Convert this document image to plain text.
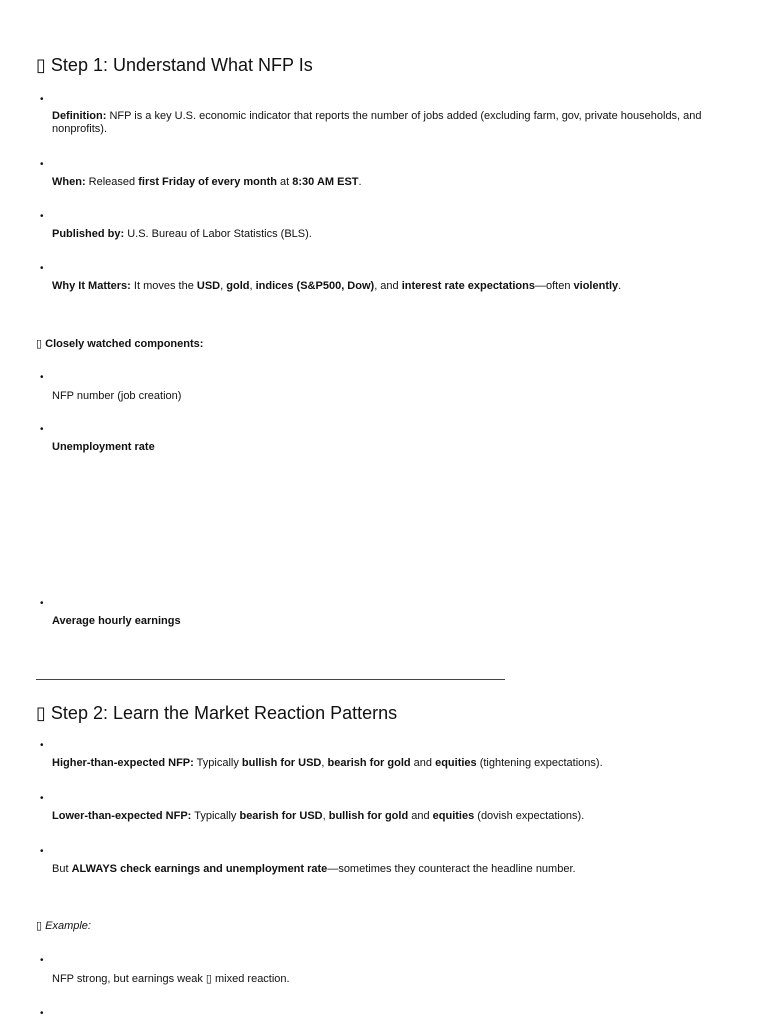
▯ Step 1: Understand What NFP Is
•
Definition: NFP is a key U.S. economic indicator that reports the number of jobs added (excluding farm, gov, private households, and nonprofits).
•
When: Released first Friday of every month at 8:30 AM EST.
•
Published by: U.S. Bureau of Labor Statistics (BLS).
•
Why It Matters: It moves the USD, gold, indices (S&P500, Dow), and interest rate expectations—often violently.
▯ Closely watched components:
•
NFP number (job creation)
•
Unemployment rate
•
Average hourly earnings
▯ Step 2: Learn the Market Reaction Patterns
•
Higher-than-expected NFP: Typically bullish for USD, bearish for gold and equities (tightening expectations).
•
Lower-than-expected NFP: Typically bearish for USD, bullish for gold and equities (dovish expectations).
•
But ALWAYS check earnings and unemployment rate—sometimes they counteract the headline number.
▯ Example:
•
NFP strong, but earnings weak ▯ mixed reaction.
•
